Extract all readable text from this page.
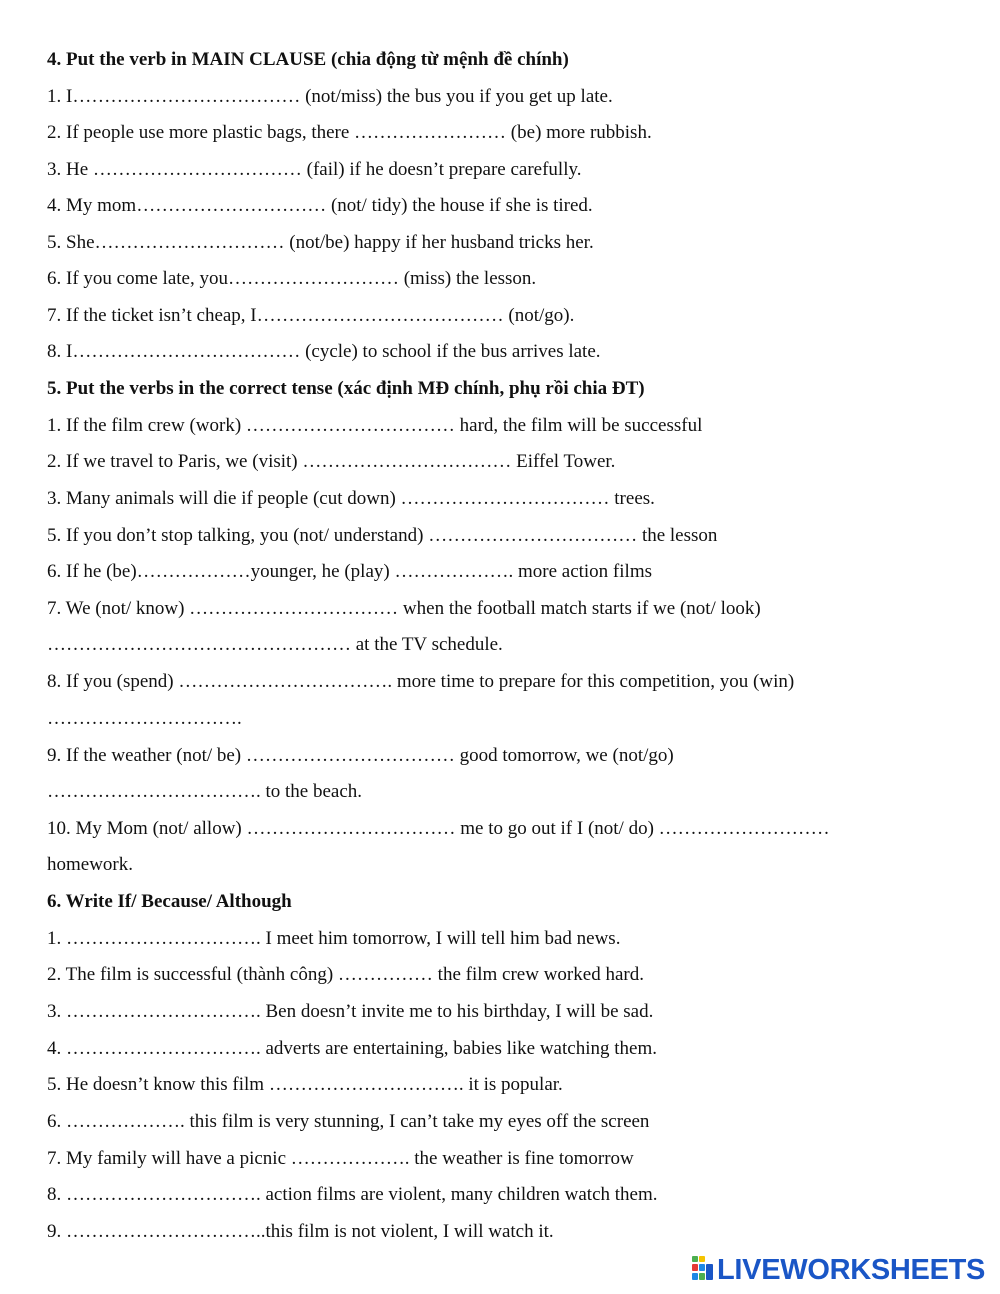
4. Put the verb in MAIN CLAUSE (chia động từ mệnh đề chính)
1. I……………………………… (not/miss) the bus you if you get up late.
2. If people use more plastic bags, there …………………… (be) more rubbish.
3. He …………………………… (fail) if he doesn’t prepare carefully.
4. My mom………………………… (not/ tidy) the house if she is tired.
5. She………………………… (not/be) happy if her husband tricks her.
6. If you come late, you……………………… (miss) the lesson.
7. If the ticket isn’t cheap, I………………………………… (not/go).
8. I……………………………… (cycle) to school if the bus arrives late.
5. Put the verbs in the correct tense (xác định MĐ chính, phụ rồi chia ĐT)
1. If the film crew (work) …………………………… hard, the film will be successful
2. If we travel to Paris, we (visit) …………………………… Eiffel Tower.
3. Many animals will die if people (cut down) …………………………… trees.
5. If you don’t stop talking, you (not/ understand) …………………………… the lesson
6. If he (be)………………younger, he (play) ………………. more action films
7. We (not/ know) …………………………… when the football match starts if we (not/ look)
………………………………………… at the TV schedule.
8. If you (spend) ……………………………. more time to prepare for this competition, you (win)
………………………….
9. If the weather (not/ be) …………………………… good tomorrow, we (not/go)
……………………………. to the beach.
10. My Mom (not/ allow) …………………………… me to go out if I (not/ do) ………………………
homework.
6. Write If/ Because/ Although
1. …………………………. I meet him tomorrow, I will tell him bad news.
2. The film is successful (thành công) …………… the film crew worked hard.
3. …………………………. Ben doesn’t invite me to his birthday, I will be sad.
4. …………………………. adverts are entertaining, babies like watching them.
5. He doesn’t know this film …………………………. it is popular.
6. ………………. this film is very stunning, I can’t take my eyes off the screen
7. My family will have a picnic ………………. the weather is fine tomorrow
8. …………………………. action films are violent, many children watch them.
9. …………………………..this film is not violent, I will watch it.
LIVEWORKSHEETS
